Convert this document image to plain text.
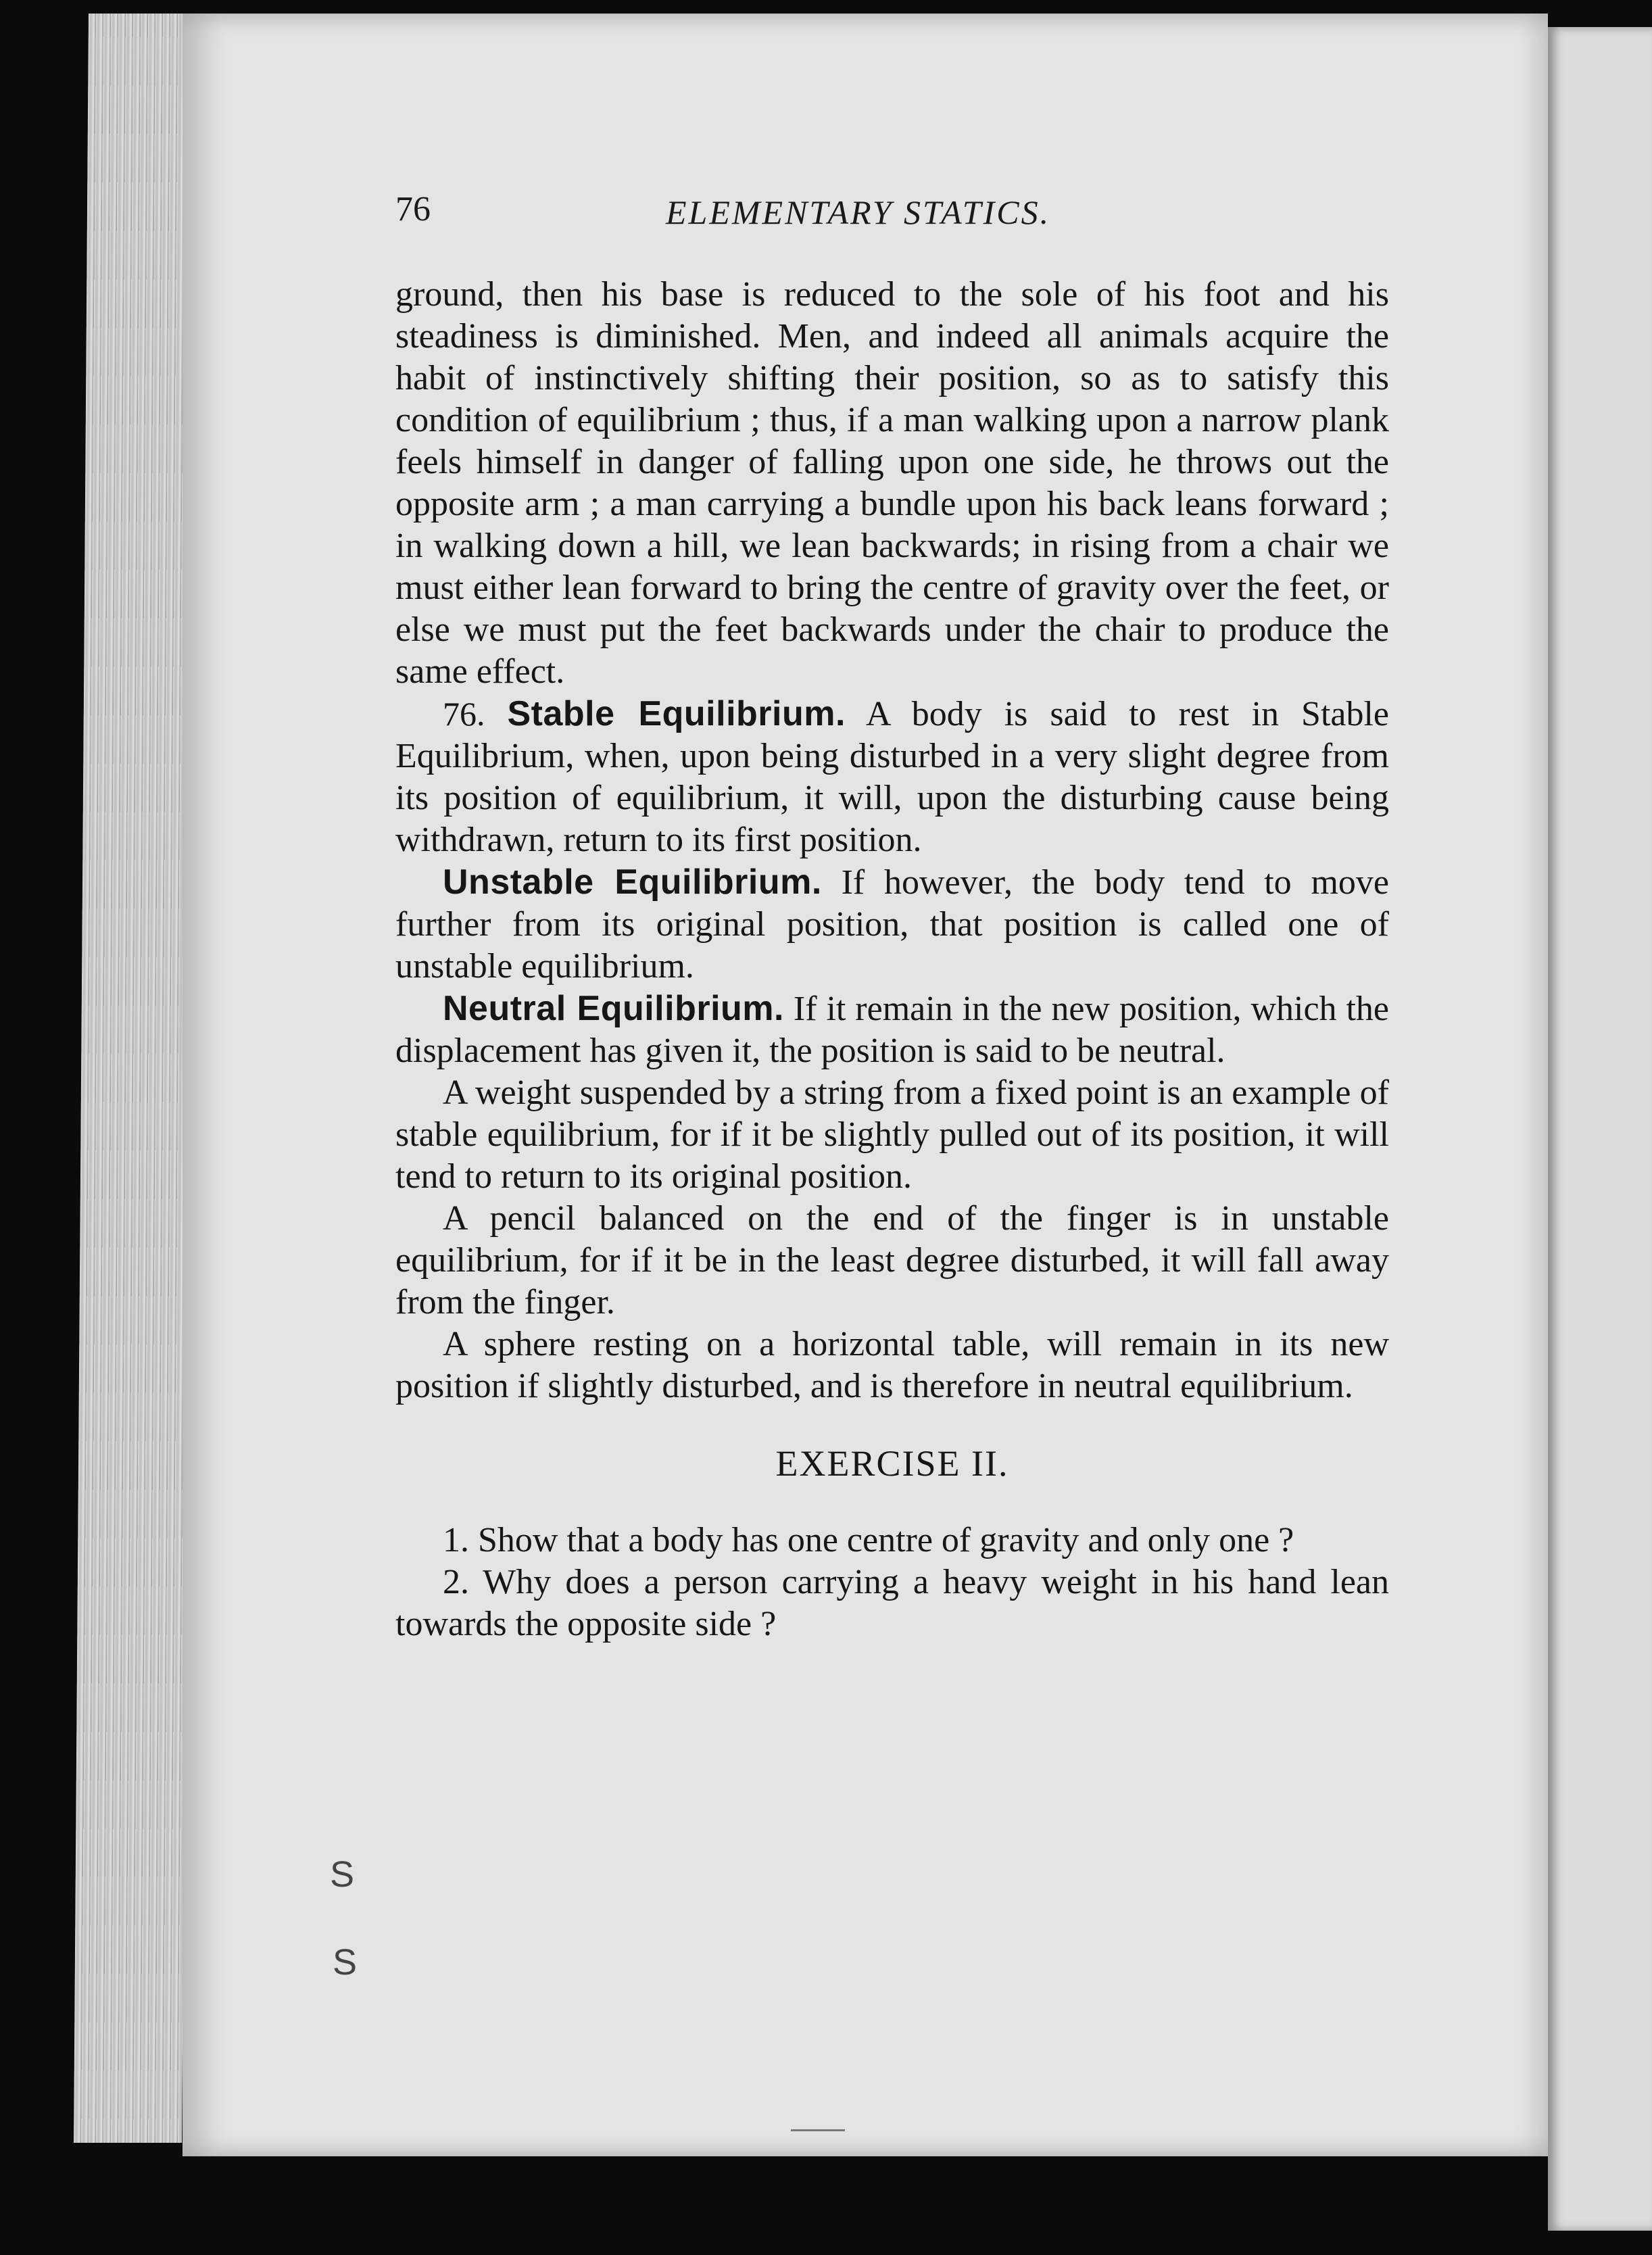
76	ELEMENTARY STATICS.

ground, then his base is reduced to the sole of his foot and his steadiness is diminished. Men, and indeed all animals acquire the habit of instinctively shifting their position, so as to satisfy this condition of equilibrium ; thus, if a man walking upon a narrow plank feels himself in danger of falling upon one side, he throws out the opposite arm ; a man carrying a bundle upon his back leans forward ; in walking down a hill, we lean backwards; in rising from a chair we must either lean forward to bring the centre of gravity over the feet, or else we must put the feet backwards under the chair to produce the same effect.

76. Stable Equilibrium. A body is said to rest in Stable Equilibrium, when, upon being disturbed in a very slight degree from its position of equilibrium, it will, upon the disturbing cause being withdrawn, return to its first position.

Unstable Equilibrium. If however, the body tend to move further from its original position, that position is called one of unstable equilibrium.

Neutral Equilibrium. If it remain in the new position, which the displacement has given it, the position is said to be neutral.

A weight suspended by a string from a fixed point is an example of stable equilibrium, for if it be slightly pulled out of its position, it will tend to return to its original position.

A pencil balanced on the end of the finger is in unstable equilibrium, for if it be in the least degree disturbed, it will fall away from the finger.

A sphere resting on a horizontal table, will remain in its new position if slightly disturbed, and is therefore in neutral equilibrium.

EXERCISE II.

1. Show that a body has one centre of gravity and only one ?

2. Why does a person carrying a heavy weight in his hand lean towards the opposite side ?

S
S
